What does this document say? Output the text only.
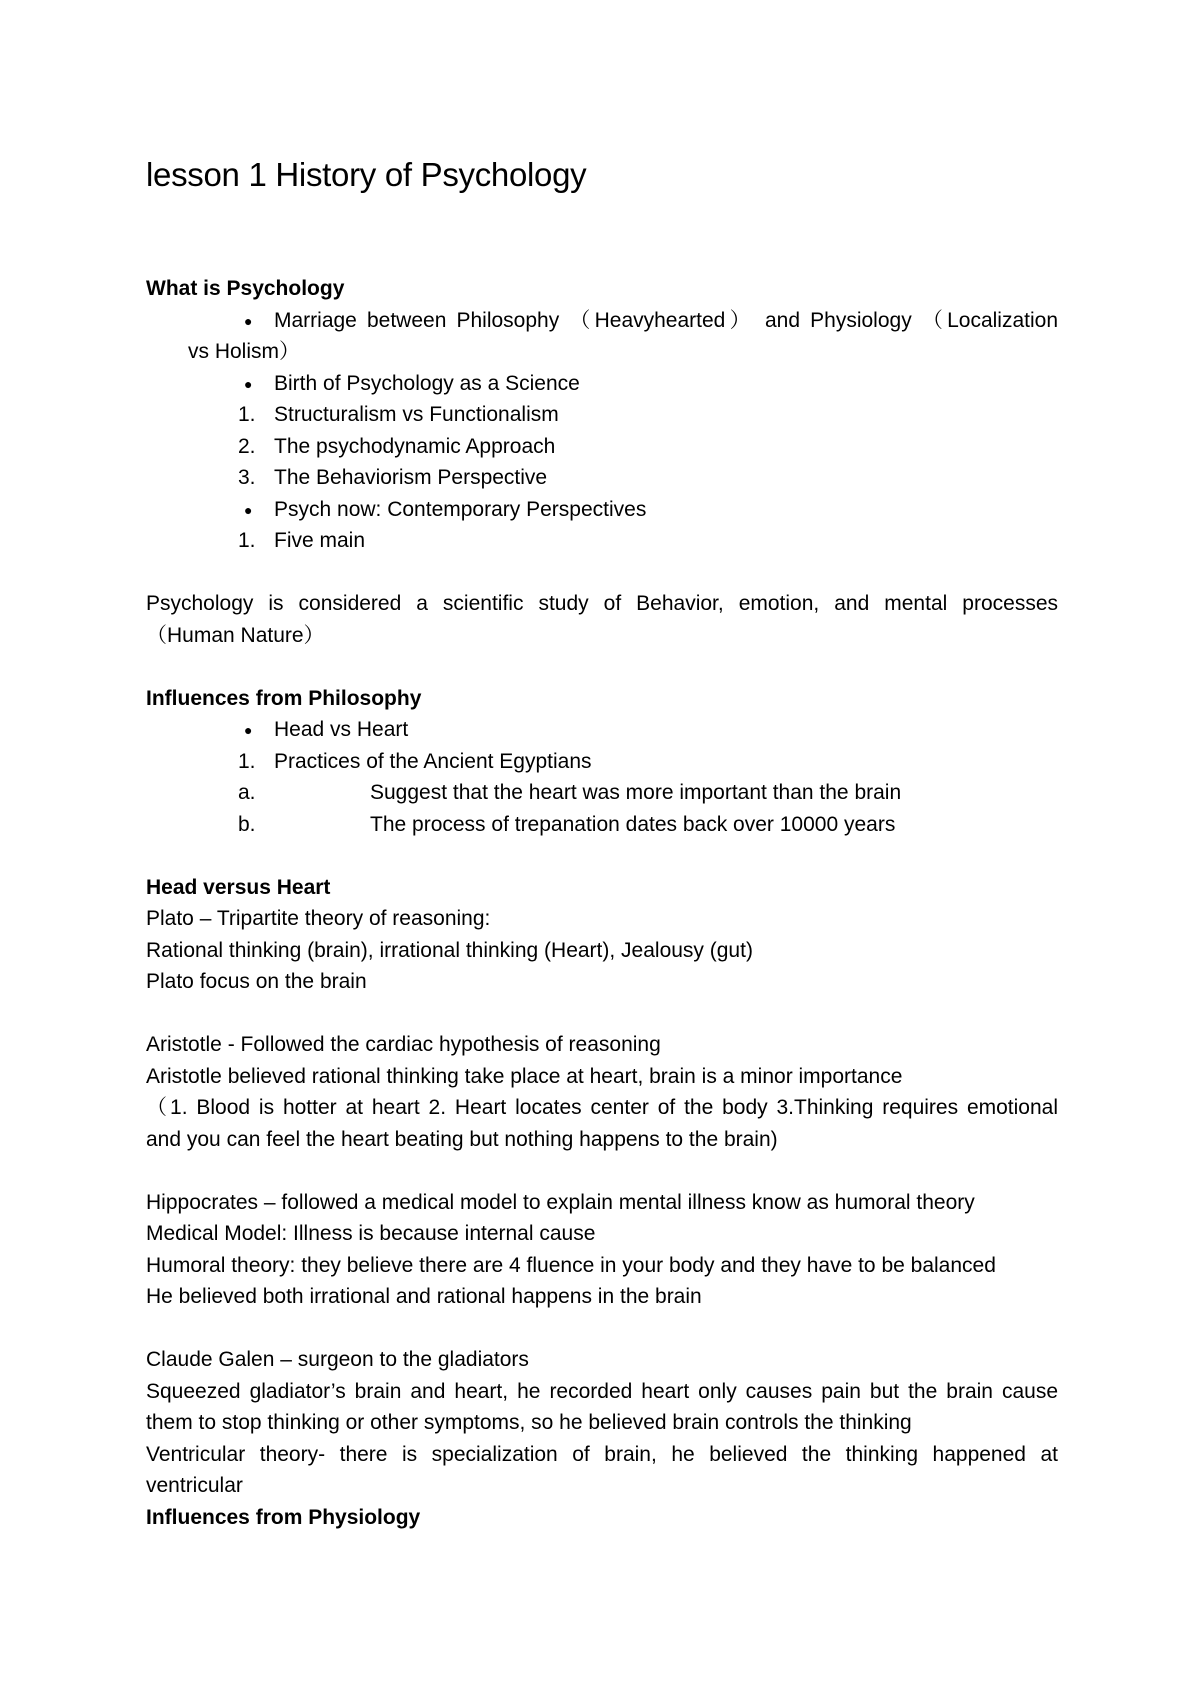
lesson 1 History of Psychology
What is Psychology
● Marriage between Philosophy （Heavyhearted） and Physiology （Localization
vs Holism）
● Birth of Psychology as a Science
1. Structuralism vs Functionalism
2. The psychodynamic Approach
3. The Behaviorism Perspective
● Psych now: Contemporary Perspectives
1. Five main
Psychology is considered a scientific study of Behavior, emotion, and mental processes
（Human Nature）
Influences from Philosophy
● Head vs Heart
1. Practices of the Ancient Egyptians
a.	Suggest that the heart was more important than the brain
b.	The process of trepanation dates back over 10000 years
Head versus Heart
Plato – Tripartite theory of reasoning:
Rational thinking (brain), irrational thinking (Heart), Jealousy (gut)
Plato focus on the brain
Aristotle - Followed the cardiac hypothesis of reasoning
Aristotle believed rational thinking take place at heart, brain is a minor importance
（1. Blood is hotter at heart 2. Heart locates center of the body 3.Thinking requires emotional
and you can feel the heart beating but nothing happens to the brain)
Hippocrates – followed a medical model to explain mental illness know as humoral theory
Medical Model: Illness is because internal cause
Humoral theory: they believe there are 4 fluence in your body and they have to be balanced
He believed both irrational and rational happens in the brain
Claude Galen – surgeon to the gladiators
Squeezed gladiator’s brain and heart, he recorded heart only causes pain but the brain cause
them to stop thinking or other symptoms, so he believed brain controls the thinking
Ventricular theory- there is specialization of brain, he believed the thinking happened at
ventricular
Influences from Physiology
